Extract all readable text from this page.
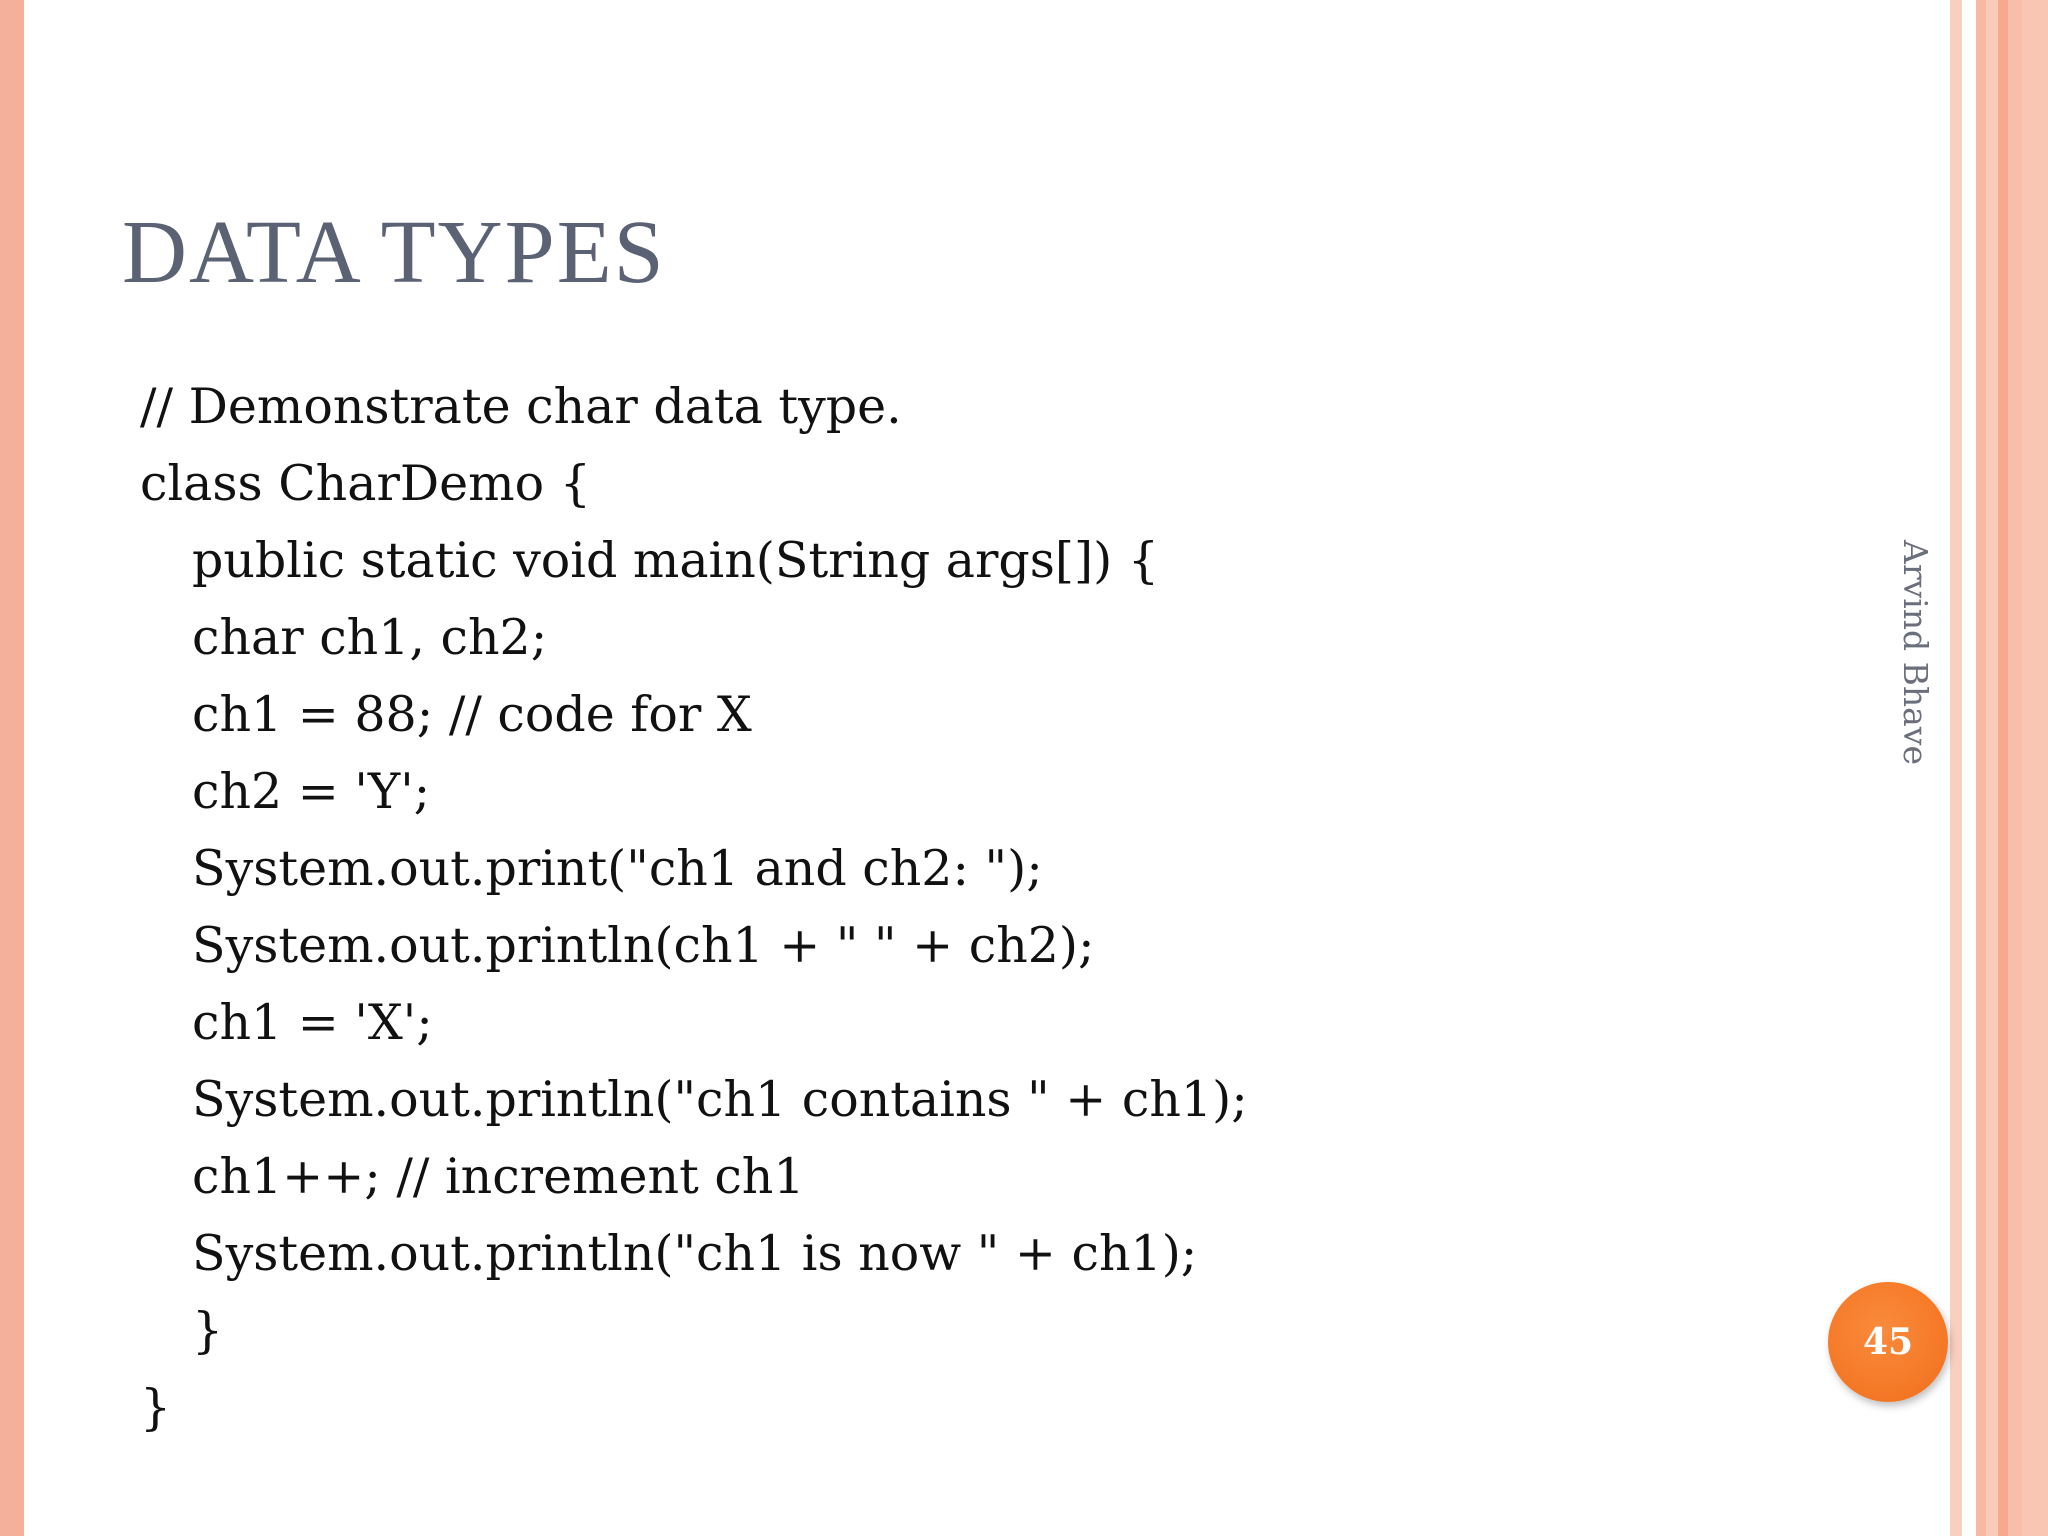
DATA TYPES
// Demonstrate char data type.
class CharDemo {
public static void main(String args[]) {
char ch1, ch2;
ch1 = 88; // code for X
ch2 = 'Y';
System.out.print("ch1 and ch2: ");
System.out.println(ch1 + " " + ch2);
ch1 = 'X';
System.out.println("ch1 contains " + ch1);
ch1++; // increment ch1
System.out.println("ch1 is now " + ch1);
}
}
Arvind Bhave
45
